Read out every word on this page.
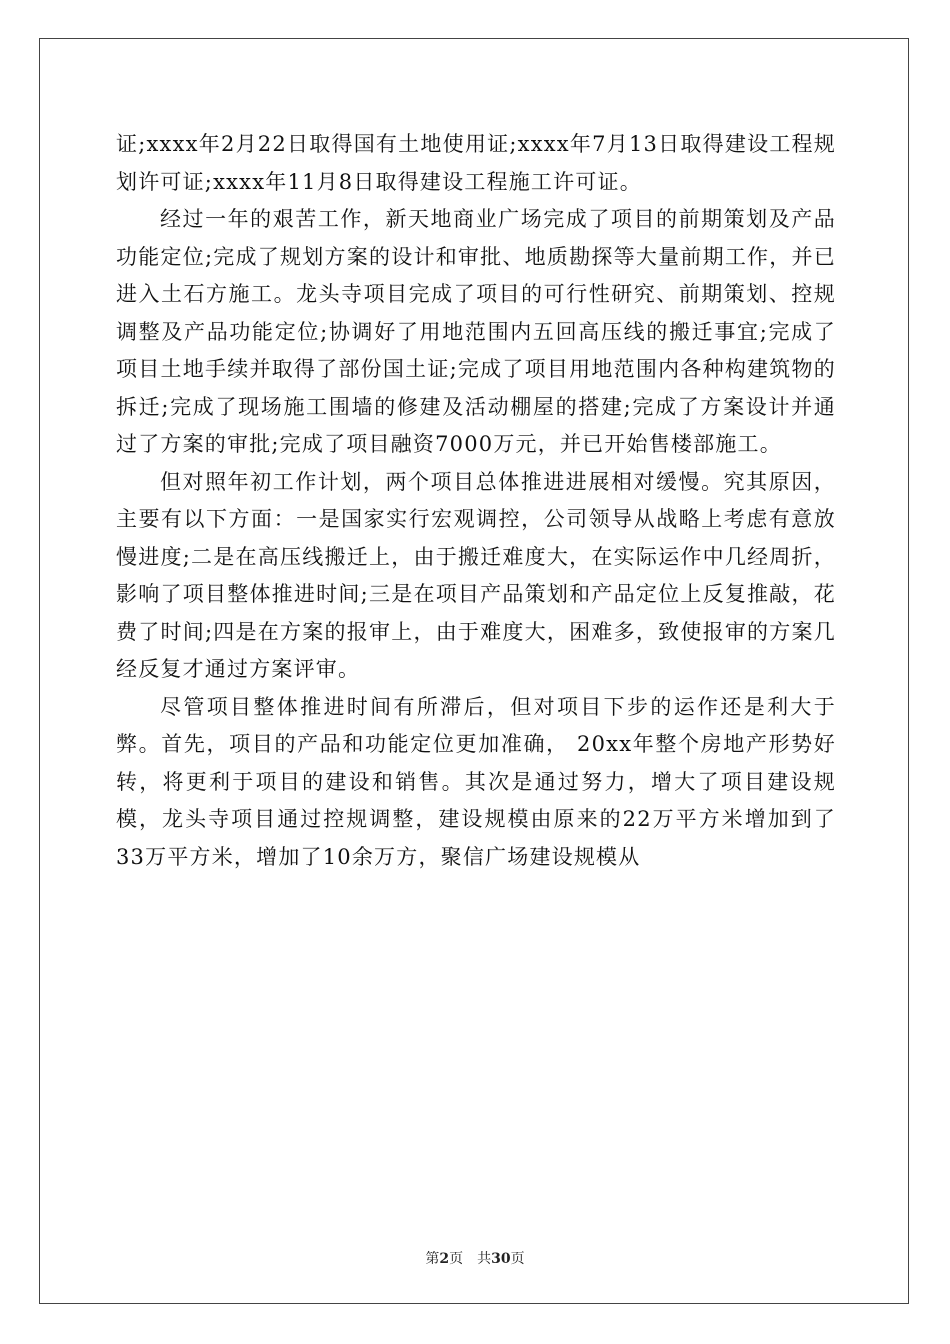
证;xxxx年2月22日取得国有土地使用证;xxxx年7月13日取得建设工程规划许可证;xxxx年11月8日取得建设工程施工许可证。

经过一年的艰苦工作，新天地商业广场完成了项目的前期策划及产品功能定位;完成了规划方案的设计和审批、地质勘探等大量前期工作，并已进入土石方施工。龙头寺项目完成了项目的可行性研究、前期策划、控规调整及产品功能定位;协调好了用地范围内五回高压线的搬迁事宜;完成了项目土地手续并取得了部份国土证;完成了项目用地范围内各种构建筑物的拆迁;完成了现场施工围墙的修建及活动棚屋的搭建;完成了方案设计并通过了方案的审批;完成了项目融资7000万元，并已开始售楼部施工。

但对照年初工作计划，两个项目总体推进进展相对缓慢。究其原因，主要有以下方面：一是国家实行宏观调控，公司领导从战略上考虑有意放慢进度;二是在高压线搬迁上，由于搬迁难度大，在实际运作中几经周折，影响了项目整体推进时间;三是在项目产品策划和产品定位上反复推敲，花费了时间;四是在方案的报审上，由于难度大，困难多，致使报审的方案几经反复才通过方案评审。

尽管项目整体推进时间有所滞后，但对项目下步的运作还是利大于弊。首先，项目的产品和功能定位更加准确， 20xx年整个房地产形势好转，将更利于项目的建设和销售。其次是通过努力，增大了项目建设规模，龙头寺项目通过控规调整，建设规模由原来的22万平方米增加到了33万平方米，增加了10余万方，聚信广场建设规模从

第2页 共30页
